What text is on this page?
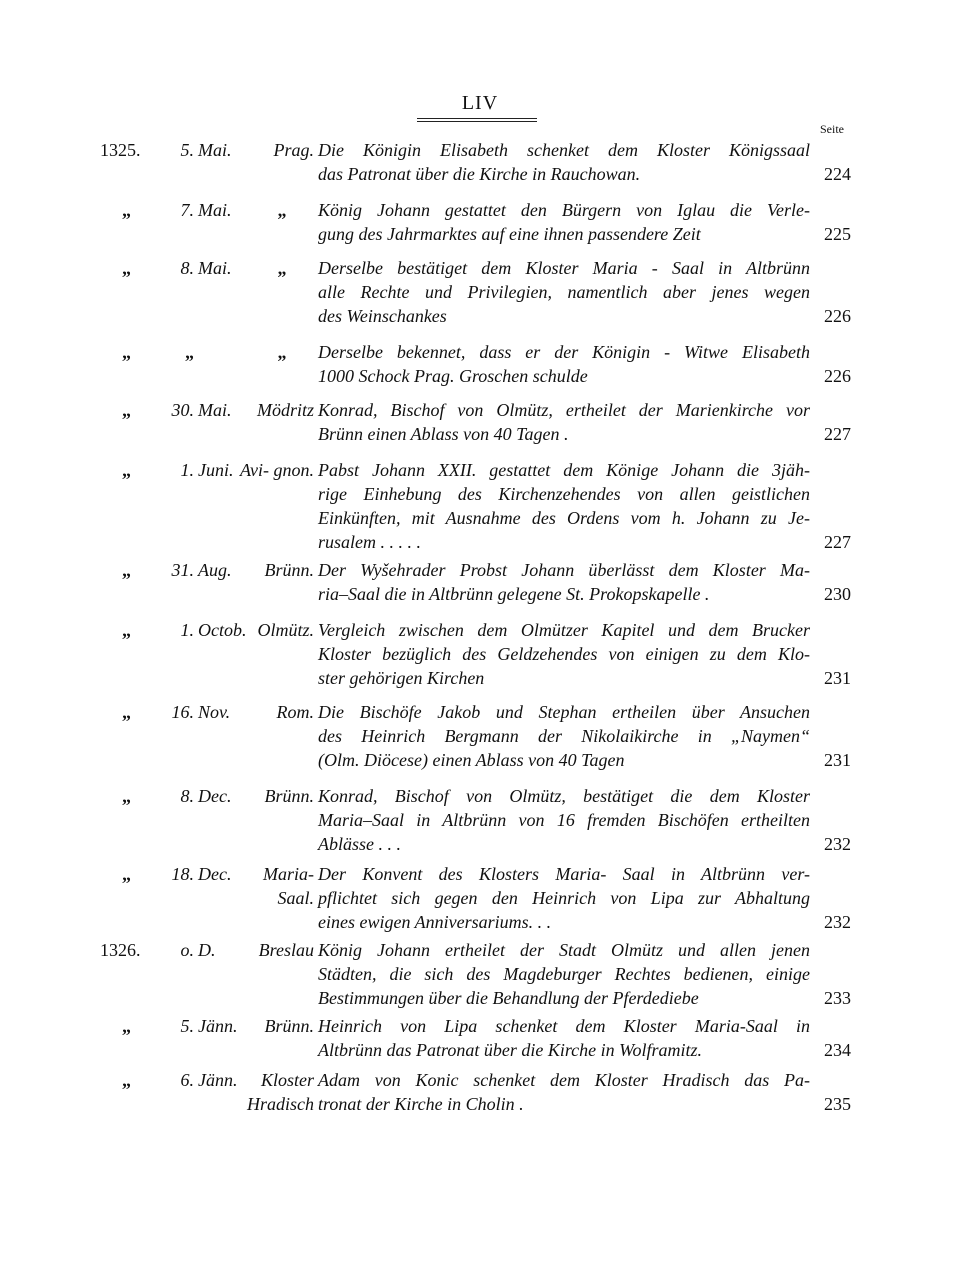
LIV
Seite
1325.	5. Mai.	Prag. Die Königin Elisabeth schenket dem Kloster Königssaal
das Patronat über die Kirche in Rauchowan.	224
„	7. Mai.	„	König Johann gestattet den Bürgern von Iglau die Verle-
gung des Jahrmarktes auf eine ihnen passendere Zeit	225
„	8. Mai.	„	Derselbe bestätiget dem Kloster Maria - Saal in Altbrünn
alle Rechte und Privilegien, namentlich aber jenes wegen
des Weinschankes	226
„	„	„	Derselbe bekennet, dass er der Königin - Witwe Elisabeth
1000 Schock Prag. Groschen schulde	226
„	30. Mai.	Mödritz Konrad, Bischof von Olmütz, ertheilet der Marienkirche vor
Brünn einen Ablass von 40 Tagen .	227
„	1. Juni. Avi- gnon. Pabst Johann XXII. gestattet dem Könige Johann die 3jäh-
rige Einhebung des Kirchenzehendes von allen geistlichen
Einkünften, mit Ausnahme des Ordens vom h. Johann zu Je-
rusalem . . . . .	227
„	31. Aug.	Brünn. Der Wyšehrader Probst Johann überlässt dem Kloster Ma-
ria–Saal die in Altbrünn gelegene St. Prokopskapelle .	230
„	1. Octob. Olmütz. Vergleich zwischen dem Olmützer Kapitel und dem Brucker
Kloster bezüglich des Geldzehendes von einigen zu dem Klo-
ster gehörigen Kirchen	231
„	16. Nov.	Rom. Die Bischöfe Jakob und Stephan ertheilen über Ansuchen
des Heinrich Bergmann der Nikolaikirche in „Naymen“
(Olm. Diöcese) einen Ablass von 40 Tagen	231
„	8. Dec.	Brünn. Konrad, Bischof von Olmütz, bestätiget die dem Kloster
Maria–Saal in Altbrünn von 16 fremden Bischöfen ertheilten
Ablässe . . .	232
„	18. Dec.	Maria- Saal.
Der Konvent des Klosters Maria- Saal in Altbrünn ver-
pflichtet sich gegen den Heinrich von Lipa zur Abhaltung
eines ewigen Anniversariums. . .	232
1326.	o. D.	Breslau König Johann ertheilet der Stadt Olmütz und allen jenen
Städten, die sich des Magdeburger Rechtes bedienen, einige
Bestimmungen über die Behandlung der Pferdediebe	233
„	5. Jänn.	Brünn. Heinrich von Lipa schenket dem Kloster Maria-Saal in
Altbrünn das Patronat über die Kirche in Wolframitz.	234
„	6. Jänn.	Kloster Hradisch
Adam von Konic schenket dem Kloster Hradisch das Pa-
tronat der Kirche in Cholin .	235
